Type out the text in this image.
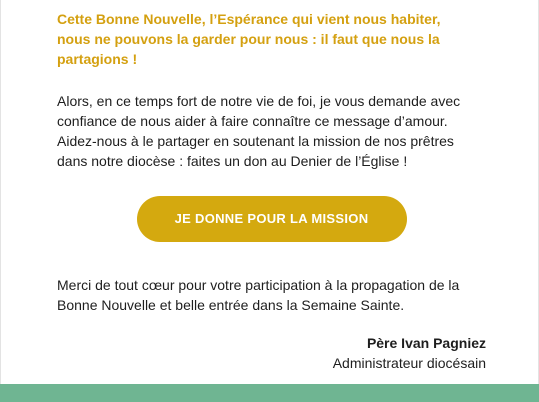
Cette Bonne Nouvelle, l’Espérance qui vient nous habiter,
nous ne pouvons la garder pour nous : il faut que nous la
partagions !

Alors, en ce temps fort de notre vie de foi, je vous demande avec
confiance de nous aider à faire connaître ce message d’amour.
Aidez-nous à le partager en soutenant la mission de nos prêtres
dans notre diocèse : faites un don au Denier de l’Église !

JE DONNE POUR LA MISSION

Merci de tout cœur pour votre participation à la propagation de la
Bonne Nouvelle et belle entrée dans la Semaine Sainte.

Père Ivan Pagniez
Administrateur diocésain
